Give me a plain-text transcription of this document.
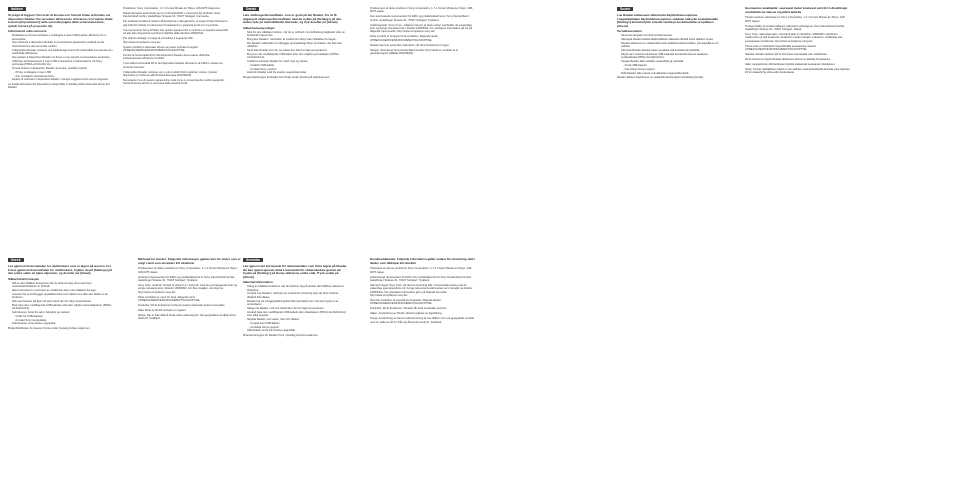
Italiano
Si prega di leggere l'Accordo di licenza con l'utente finale archiviato sul dispositivo Reader. Per accedere all'Accordo di licenza con l'utente finale toccare [Impostazioni] nella seconda pagina della schermata Home, quindi toccare [Ä proposito di].
Informazioni sulla sicurezza
• Disattivare le funzioni wireless e scollegare il cavo USB quando all'interno di un aeromobile.
• Non utilizzare il dispositivo Reader in prossimità di apparecchi medicali senza l'autorizzazione del personale medico.
• Il dispositivo Reader contiene una batteria agli ioni di litio ricaricabile incorporata non sostituibile dall'utente.
• Non gettare il dispositivo Reader nel fuoco e non esporlo a temperature eccessive.
• Utilizzare esclusivamente il cavo USB in dotazione o l'alimentatore CA Sony opzionale (PRSA-AC10A/AC1A).
• Tenere lontano il dispositivo Reader da acqua, umidità e liquidi:
- Prima: scollegare il cavo USB
- Poi: contattare l'assistenza Sony
• Evitare di collocare il dispositivo Reader in luoghi soggetti a forti campi magnetici.
La Guida dell'utente del dispositivo è disponibile in [Guida] nella schermata Home del Reader.
Produttore: Sony Corporation, 1-7-1 Konan Minato-ku Tokyo, 108-0075 Giappone.
Rappresentante autorizzato per la conformità EMC e sicurezza del prodotto: Sony Deutschland GmbH, Hedelfinger Strasse 61, 70327 Stuttgart, Germania.
Per qualsiasi problema relativo all'assistenza o alla garanzia, si prega di fare riferimento agli indirizzi indicati nei documenti di assistenza o garanzia forniti con il prodotto.
Con la presente Sony dichiara che questo apparecchio è conforme ai requisiti essenziali ed alle altre disposizioni pertinenti stabilite dalla direttiva 1999/5/CE.
Per ulteriori dettagli, si prega di consultare il seguente URL: http://www.compliance.sony.de/
Questo prodotto è destinato all'uso nei paesi riportati di seguito: AT/BE/CH/DE/DK/ES/FI/FR/GB/IE/IT/NL/NO/PT/SE.
Fornito la funzionalità Wi-Fi del dispositivo Reader deve essere utilizzata esclusivamente all'interno di edifici.
L'uso della funzionalità Wi-Fi del dispositivo Reader all'esterno di edifici è vietato sul territorio francese.
Il dispositivo Reader contiene uno o più prodotti Wi-Fi registrati. Avviso: Questo dispositivo è conforme alla Direttiva Europea 2002/96/CE.
Nonostante l'uso di questo apparecchio nelle zone in prossimità dei confini geografici, l'autorizzazione all'uso è concessa dalle autorità locali.
Dansk
Læs slutbrugerlicensaftalen, som er gemt på din Reader. For at få adgang til slutbrugerlicensaftalen skal du trykke på [Settings] på den anden side på skærmbilledet Startside, og tryk derefter på [About].
Sikkerhedsoplysninger
• Sluk for den trådløse funktion, når du er ombord, hvis luftfartsmyndigheder eller en flyselskab kræver det.
• Brug ikke Reader i nærheden af medicinsk udstyr uden tilladelse fra lægen.
• Din Reader indeholder et indbygget genopladeligt litium-ion-batteri, der ikke kan udskiftes.
• Smid ikke Reader ind i ild, og udsæt den ikke for høje temperaturer.
• Brug kun det medfølgende USB-kabel eller den valgfrie lysnetadapter (PRSA-AC10A/AC1A).
• Undlad at udsætte Reader for vand, fugt og væske:
- Frakobl USB-kablet
- Kontakt Sony support
• Hold din Reader væk fra stærke magnetiske felter.
Brugervejledningen til Reader kan findes under [Guide] på startskærmen.
Producenten af dette produkt er Sony Corporation, 1-7-1 Konan Minato-ku Tokyo, 108-0075 Japan.
Den autoriserede repræsentant for EMC og produktsikkerhed er Sony Deutschland GmbH, Hedelfinger Strasse 61, 70327 Stuttgart, Tyskland.
Undertegnede, Sony Corp., erklærer herved, at dette udstyr overholder de væsentlige krav og øvrige relevante krav i direktiv 1999/5/EF. For yderligere information gå ind på følgende hjemmeside: http://www.compliance.sony.de/
Dette produkt er beregnet til anvendelse i følgende lande: AT/BE/CH/DE/DK/ES/FI/FR/GB/IE/IT/NL/NO/PT/SE.
Reader kan kun anvendes indendørs, når Wi-Fi-funktionen bruges.
Sælges i Europa af Sony Deutschland GmbH. Dit produkt er omfattet af et garantiprogram (WEEE 2002/96/EF).
Suomi
Lue Reader-laitteeseen tallennettu käyttöoikeussopimus. Loppukäyttäjien käyttöoikeussopimus saadaan näkyviin koskettamalla [Settings] aloitusnäytön toisella sivulla ja koskettamalla sen jälkeen [About].
Turvallisuustiedot
• Sammuta langaton toiminto lentokoneessa.
• Älä käytä Reader-laitetta lääkinnällisten laitteiden lähellä ilman lääkärin lupaa.
• Reader-laitteessa on sisäänrakennettu ladattava litiumioniakku, jota käyttäjä ei voi vaihtaa.
• Älä heitä Reader-laitetta tuleen tai altista sitä korkeille lämpötiloille.
• Käytä vain mukana toimitettua USB-kaapelia tai lisävarusteena saatavaa verkkolaitetta (PRSA-AC10A/AC1A).
• Suojaa Reader-laite vedeltä, kosteudelta ja nesteiltä:
- Irrota USB-kaapeli
- Ota yhteys Sonyn tukeen
• Pidä Reader-laite poissa voimakkaista magneettikentistä.
Reader-laitteen käyttöopas on saatavilla aloitusnäytön kohdassa [Guide].
Huomautus asiakkaille: seuraavat tiedot koskevat vain EU:n direktiivejä noudattavissa maissa myytäviä laitteita
Tämän tuotteen valmistaja on Sony Corporation, 1-7-1 Konan Minato-ku Tokyo, 108-0075 Japani.
Tuotteen EMC-ja tuoteturvallisuus valtuutettu edustaja on Sony Deutschland GmbH, Hedelfinger Strasse 61, 70327 Stuttgart, Saksa.
Sony Corp. vakuuttaa täten, että tämä laite on direktiivin 1999/5/EY oleellisten vaatimusten ja sitä koskevien direktiivin muiden ehtojen mukainen. Lisätietoja saa seuraavasta osoitteesta: http://www.compliance.sony.de/
Tämä tuote on tarkoitettu käytettäväksi seuraavissa maissa: AT/BE/CH/DE/DK/ES/FI/FR/GB/IE/IT/NL/NO/PT/SE.
Ranska: Reader-laitteen Wi-Fi-toimintoa saa käyttää vain sisätiloissa.
Wi-Fi-toiminnon käyttö Reader-laitteessa ulkona on kielletty Ranskassa.
Italia: Langattomien lähiverkkojen käyttöä säätelevät seuraavat määräykset.
Norja: Tämän radiolaitteen käyttö ei ole sallittua maantieteellisellä alueella, joka sijaitsee 20 km säteellä Ny-Ålesundin keskustasta.
Norsk
Les gjennom lisensavtalen for sluttbrukere som er lagret på leseren. For å lese gjennom lisensavtalen for sluttbrukere, trykker du på [Settings] på den andre siden av hjem-skjermen, og deretter på [About].
Sikkerhetsinformasjon
• Slå av den trådløse funksjonen når du befinner deg på et sted hvor nettverksforbindelser er forbudt.
• Ikke bruk leseren i nærheten av medisinsk utstyr uten tillatelse fra lege.
• Leseren har et innebygget oppladbart litium-ion-batteri som ikke kan skiftes ut av brukeren.
• Ikke kast leseren på åpen ild eller utsett den for høye temperaturer.
• Bruk bare den medfølgende USB-kabelen eller den valgfrie strømadapteren (PRSA-AC10A/AC1A).
• Hold leseren borte fra vann, fuktighet og væsker:
- Koble fra USB-kabelen
- Kontakt Sony kundestøtte
• Hold leseren unna sterke magnetfelt.
Brukerhåndboken for leseren finnes under [Guide] på hjem-skjermen.
Merknad for kunder: Følgende informasjon gjelder kun for utstyr som er solgt i land som anvender EU-direktiver
Produsenten av dette produktet er Sony Corporation, 1-7-1 Konan Minato-ku Tokyo, 108-0075 Japan.
Autorisert representant for EMC og produktsikkerhet er Sony Deutschland GmbH, Hedelfinger Strasse 61, 70327 Stuttgart, Tyskland.
Sony Corp. erklærer herved at utstyret er i samsvar med de grunnleggende krav og øvrige relevante krav i direktiv 1999/5/EF. For flere detaljer, vennligst se: http://www.compliance.sony.de/
Dette produktet er ment for bruk i følgende land: AT/BE/CH/DE/DK/ES/FI/FR/GB/IE/IT/NL/NO/PT/SE.
Frankrike: Wi-Fi-funksjonen til denne leseren skal bare brukes innendørs.
Italia: Bruk av RLAN-nettverk er regulert.
Norge: Det er ikke tillatt å bruke dette radioutstyret i det geografiske området til Ny-Ålesund, Svalbard.
Svenska
Läs igenom det licensavtal för slutanvändare som finns lagrat på Reader. Du kan öppna igenom detta Licensavtal för slutanvändare genom att trycka på [Settings] på Home-skärmens andra sida. Tryck sedan på [About].
Säkerhetsinformation
• Stäng av trådlösa funktioner när du befinner dig på platser där trådlösa nätverk är förbjudna.
• Använd inte Reader i närheten av medicinsk utrustning utan att först inhämta tillstånd från läkare.
• Reader har ett inbyggt laddningsbart litiumjonbatteri som inte kan bytas ut av användaren.
• Släng inte Reader i eld och utsätt den inte för höga temperaturer.
• Använd bara den medföljande USB-kabeln eller nätadaptern (PRSA-AC10A/AC1A) som säljs separat.
• Skydda Reader mot vatten, fukt och vätskor:
- Koppla loss USB-kabeln
- Kontakta Sonys support
• Håll Reader borta från starka magnetfält.
Bruksanvisningen för Reader finns i [Guide] på Home-skärmen.
Kundmeddelande: Följande information gäller endast för utrustning såld i länder som tillämpar EU-direktiv
Tillverkare av denna produkt är Sony Corporation, 1-7-1 Konan Minato-ku Tokyo, 108-0075 Japan.
Auktoriserad representant för EMC och produktsäkerhet är Sony Deutschland GmbH, Hedelfinger Strasse 61, 70327 Stuttgart, Tyskland.
Härmed intygar Sony Corp. att denna utrustning står i överensstämmelse med de väsentliga egenskapskrav och övriga relevanta bestämmelser som framgår av direktiv 1999/5/EG. För ytterligare information gå in på följande hemsida: http://www.compliance.sony.de/
Den här produkten är avsedd att användas i följande länder: AT/BE/CH/DE/DK/ES/FI/FR/GB/IE/IT/NL/NO/PT/SE.
Frankrike: Wi-Fi-funktionen i Reader får bara användas inomhus.
Italien: Användning av RLAN-nätverk regleras av lagstiftning.
Norge: Användning av denna radioutrustning är inte tillåten inom ett geografiskt område med en radie av 20 km från Ny-Ålesunds centrum, Svalbard.
